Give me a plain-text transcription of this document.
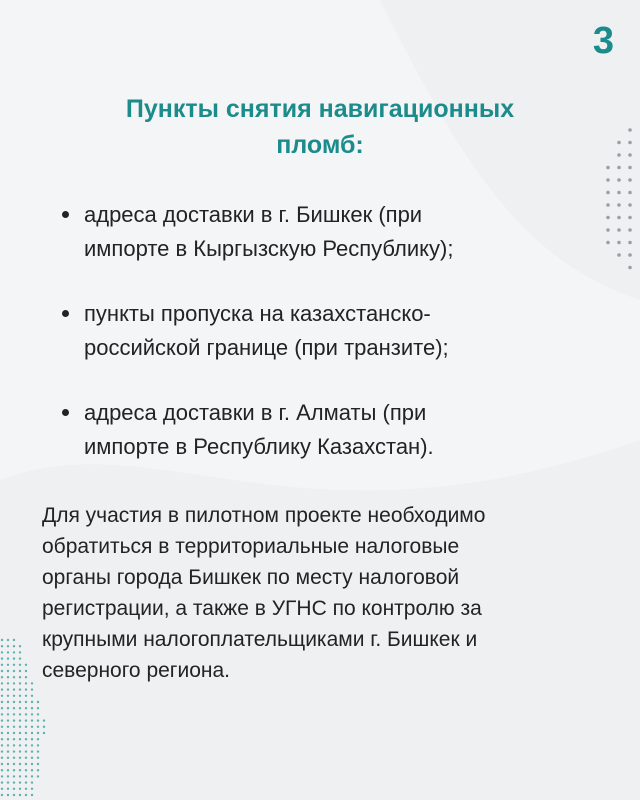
3
Пункты снятия навигационных
пломб:
адреса доставки в г. Бишкек (при
импорте в Кыргызскую Республику);
пункты пропуска на казахстанско-
российской границе (при транзите);
адреса доставки в г. Алматы (при
импорте в Республику Казахстан).

Для участия в пилотном проекте необходимо
обратиться в территориальные налоговые
органы города Бишкек по месту налоговой
регистрации, а также в УГНС по контролю за
крупными налогоплательщиками г. Бишкек и
северного региона.
